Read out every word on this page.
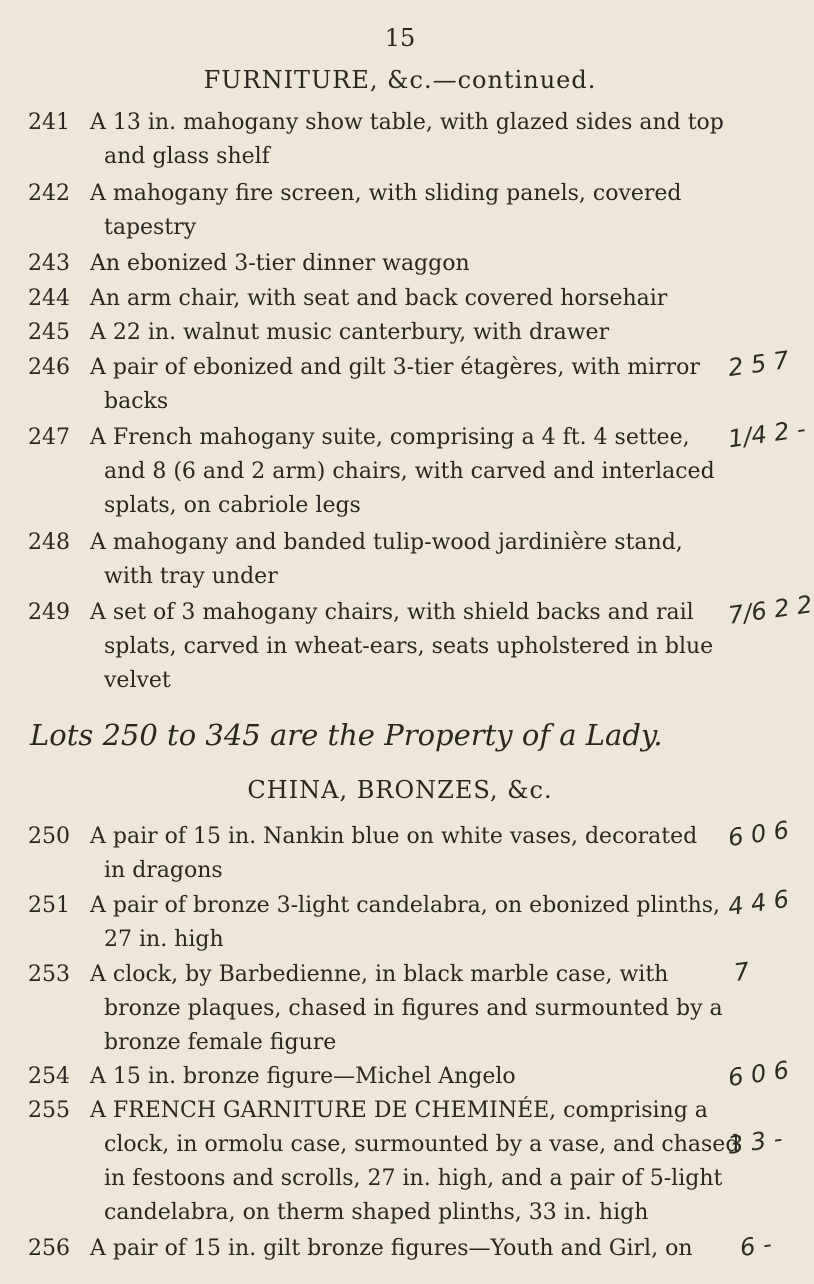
15
FURNITURE, &c.—continued.
241 A 13 in. mahogany show table, with glazed sides and top
and glass shelf
242 A mahogany fire screen, with sliding panels, covered
tapestry
243 An ebonized 3-tier dinner waggon
244 An arm chair, with seat and back covered horsehair
245 A 22 in. walnut music canterbury, with drawer
246 A pair of ebonized and gilt 3-tier étagères, with mirror
backs
247 A French mahogany suite, comprising a 4 ft. 4 settee,
and 8 (6 and 2 arm) chairs, with carved and interlaced
splats, on cabriole legs
248 A mahogany and banded tulip-wood jardinière stand,
with tray under
249 A set of 3 mahogany chairs, with shield backs and rail
splats, carved in wheat-ears, seats upholstered in blue
velvet
Lots 250 to 345 are the Property of a Lady.
CHINA, BRONZES, &c.
250 A pair of 15 in. Nankin blue on white vases, decorated
in dragons
251 A pair of bronze 3-light candelabra, on ebonized plinths,
27 in. high
253 A clock, by Barbedienne, in black marble case, with
bronze plaques, chased in figures and surmounted by a
bronze female figure
254 A 15 in. bronze figure—Michel Angelo
255 A FRENCH GARNITURE DE CHEMINÉE, comprising a
clock, in ormolu case, surmounted by a vase, and chased
in festoons and scrolls, 27 in. high, and a pair of 5-light
candelabra, on therm shaped plinths, 33 in. high
256 A pair of 15 in. gilt bronze figures—Youth and Girl, on
2 5 7
1/4 2 -
7/6 2 2
6 0 6
4 4 6
7
6 0 6
3 3 -
6 -
